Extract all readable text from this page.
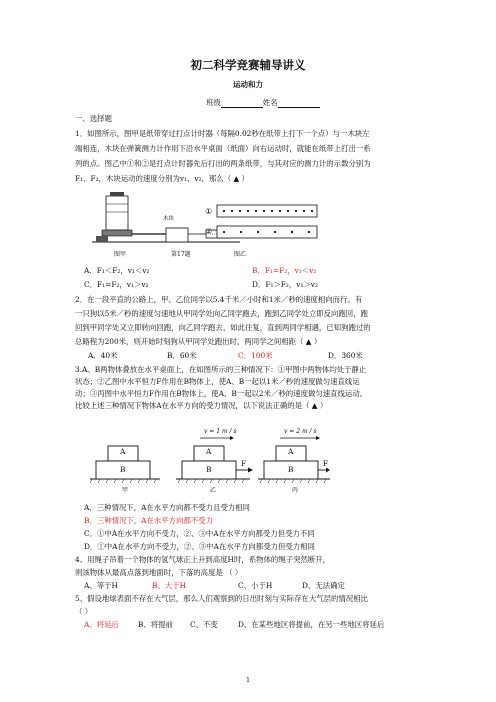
初二科学竞赛辅导讲义
运动和力
班级	姓名
一、选择题
1．如图所示，图甲是纸带穿过打点计时器（每隔0.02秒在纸带上打下一个点）与一木块左
端相连，木块在弹簧测力计作用下沿水平桌面（纸面）向右运动时，就能在纸带上打出一系
列的点。图乙中①和②是打点计时器先后打出的两条纸带，与其对应的测力计的示数分别为
F₁、F₂，木块运动的速度分别为v₁、v₂，那么（ ▲ ）
木块
图甲	第17题	图乙
①
②
A．F₁＜F₂，v₁＜v₂	B．F₁=F₂，v₁＜v₂
C．F₁=F₂，v₁＞v₂	D．F₁＞F₂，v₁＞v₂
2．在一段平直的公路上，甲、乙位同学以5.4千米／小时和1米／秒的速度相向而行。有
一只狗以5米／秒的速度匀速地从甲同学处向乙同学跑去，跑到乙同学处立即反向跑回，跑
回到甲同学处又立即转向回跑，向乙同学跑去，如此往复，直到两同学相遇，已知狗跑过的
总路程为200米，则开始时刻狗从甲同学处跑出时，两同学之间相距（ ▲ ）
A．40米	B．60米	C．100米	D．360米
3.A、B两物体叠放在水平桌面上，在如图所示的三种情况下：①甲图中两物体均处于静止
状态；②乙图中水平恒力F作用在B物体上，使A、B一起以1米／秒的速度做匀速直线运
动；③丙图中水平恒力F作用在B物体上，使A、B一起以2米／秒的速度做匀速直线运动。
比较上述三种情况下物体A在水平方向的受力情况，以下说法正确的是（ ▲ ）
A
B
A
B
A
B
F	F
v = 1 m / s	v = 2 m / s
甲	乙	丙
A．三种情况下，A在水平方向都不受力且受力相同
B．三种情况下，A在水平方向都不受力
C．①中A在水平方向不受力，②、③中A在水平方向都受力但受力不同
D．①中A在水平方向不受力，②、③中A在水平方向都受力但受力相同
4、用绳子吊着一个物体的氢气球正上升到高度H时，系物体的绳子突然断开，
则该物体从最高点落到地面时，下落的高度是 （ ）
A、等于H	B、大于H	C、小于H	D、无法确定
5、假设地球表面不存在大气层，那么人们观察到的日出时刻与实际存在大气层的情况相比
（ ）
A、将延后	B、将提前 C、不变	D、在某些地区将提前，在另一些地区将延后
1
